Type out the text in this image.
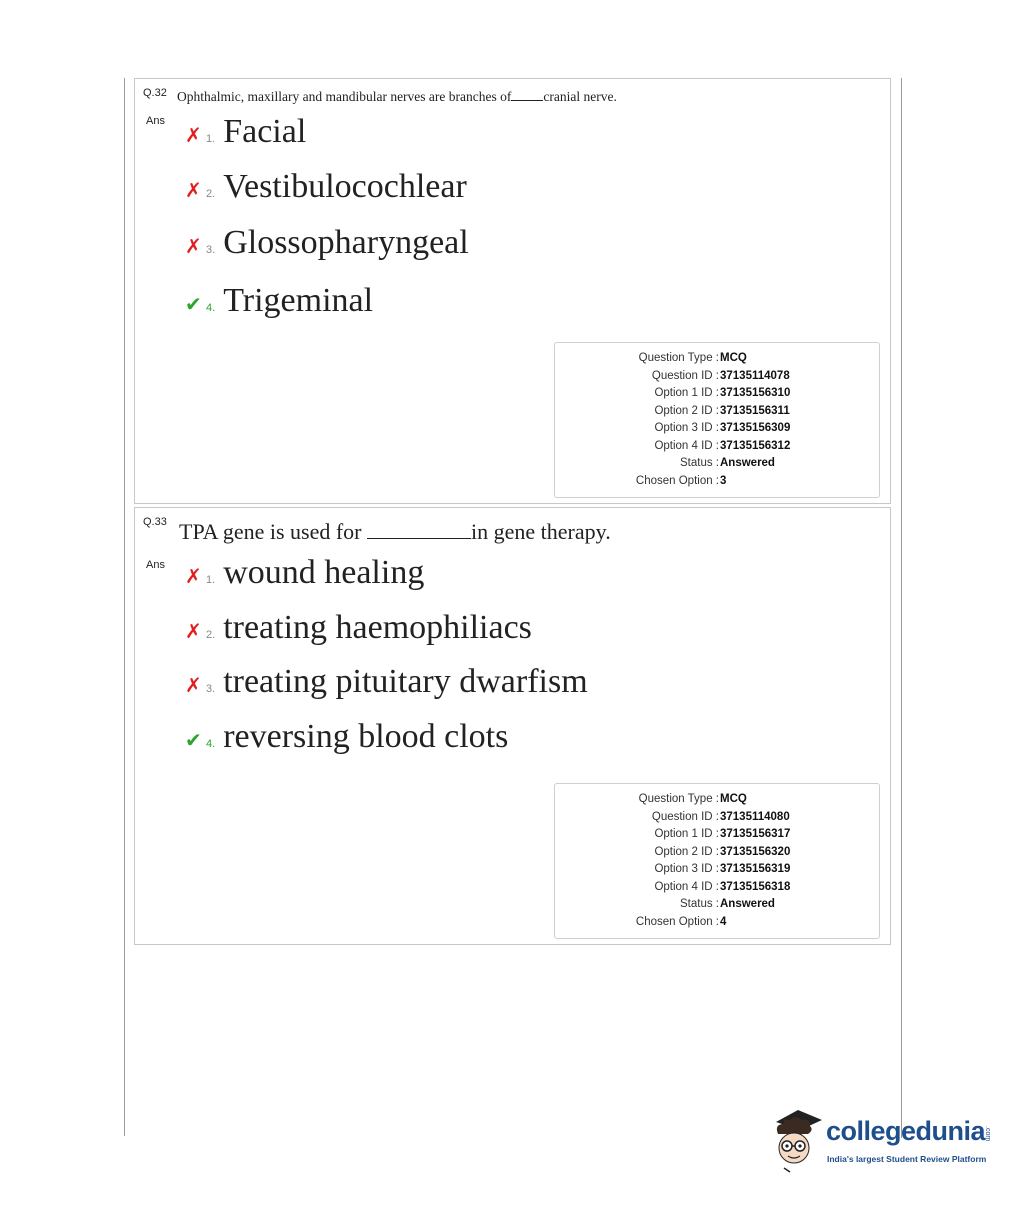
Q.32 Ophthalmic, maxillary and mandibular nerves are branches of cranial nerve.
Ans
✗ 1. Facial
✗ 2. Vestibulocochlear
✗ 3. Glossopharyngeal
✔ 4. Trigeminal
Question Type : MCQ
Question ID : 37135114078
Option 1 ID : 37135156310
Option 2 ID : 37135156311
Option 3 ID : 37135156309
Option 4 ID : 37135156312
Status : Answered
Chosen Option : 3
Q.33 TPA gene is used for	in gene therapy.
Ans
✗ 1. wound healing
✗ 2. treating haemophiliacs
✗ 3. treating pituitary dwarfism
✔ 4. reversing blood clots
Question Type : MCQ
Question ID : 37135114080
Option 1 ID : 37135156317
Option 2 ID : 37135156320
Option 3 ID : 37135156319
Option 4 ID : 37135156318
Status : Answered
Chosen Option : 4
collegedunia
.com
India's largest Student Review Platform
